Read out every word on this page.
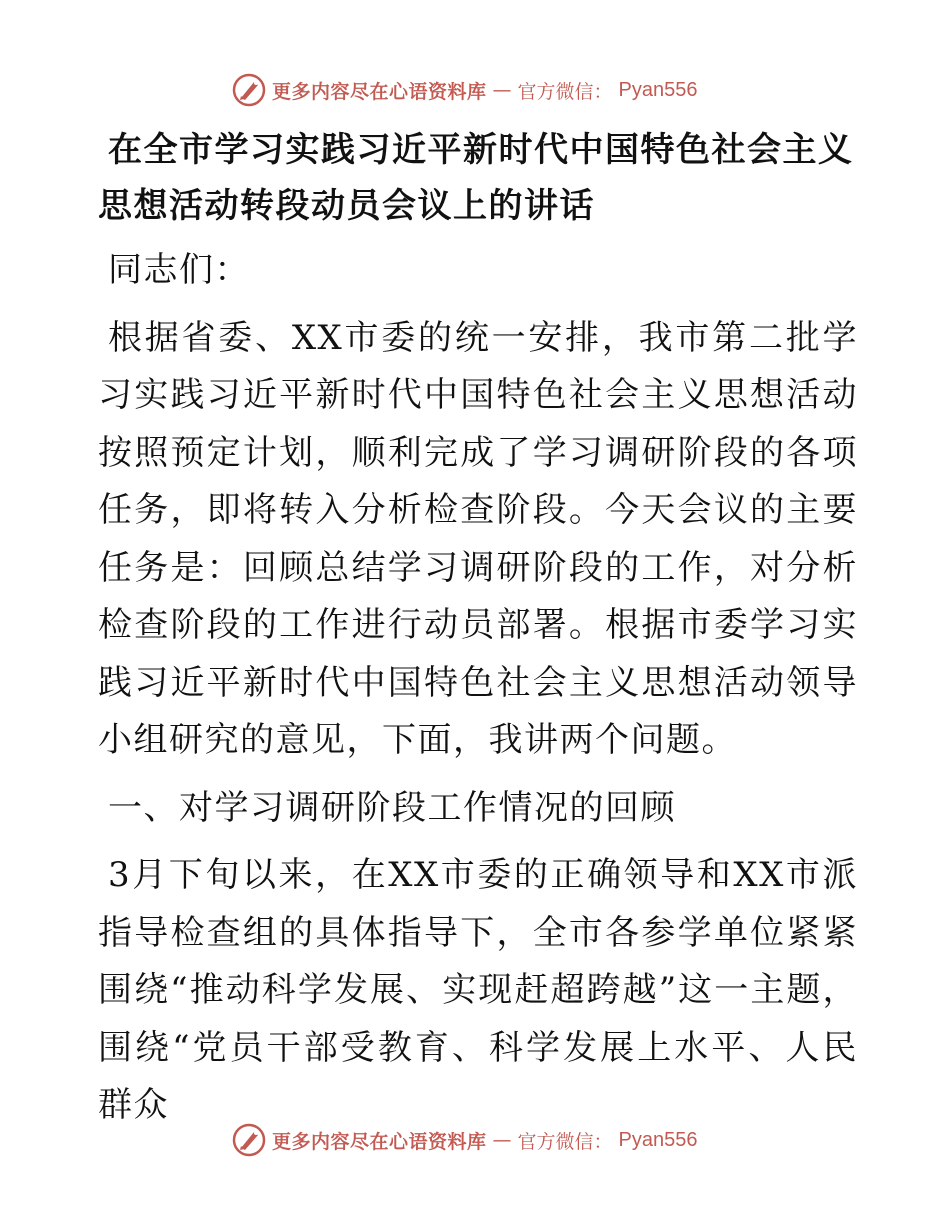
更多内容尽在心语资料库 — 官方微信： Pyan556
在全市学习实践习近平新时代中国特色社会主义
思想活动转段动员会议上的讲话

同志们：

根据省委、XX市委的统一安排，我市第二批学习实践习近平新时代中国特色社会主义思想活动按照预定计划，顺利完成了学习调研阶段的各项任务，即将转入分析检查阶段。今天会议的主要任务是：回顾总结学习调研阶段的工作，对分析检查阶段的工作进行动员部署。根据市委学习实践习近平新时代中国特色社会主义思想活动领导小组研究的意见，下面，我讲两个问题。

一、对学习调研阶段工作情况的回顾

3月下旬以来，在XX市委的正确领导和XX市派指导检查组的具体指导下，全市各参学单位紧紧围绕“推动科学发展、实现赶超跨越”这一主题，围绕“党员干部受教育、科学发展上水平、人民群众

更多内容尽在心语资料库 — 官方微信： Pyan556
